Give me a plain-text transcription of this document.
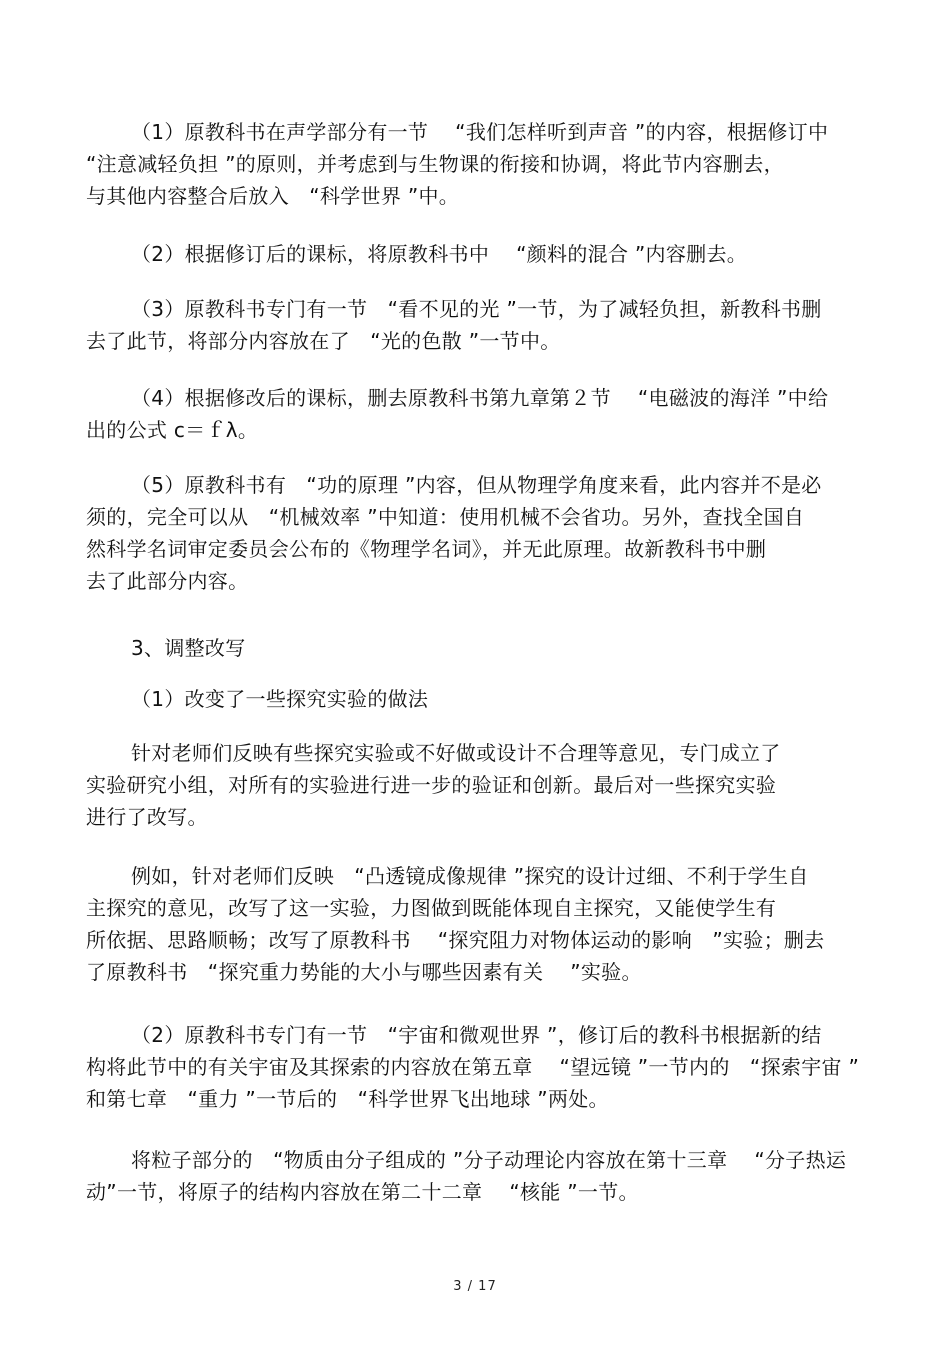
（1）原教科书在声学部分有一节　 “我们怎样听到声音 ”的内容，根据修订中
“注意减轻负担 ”的原则，并考虑到与生物课的衔接和协调，将此节内容删去，
与其他内容整合后放入　“科学世界 ”中。
（2）根据修订后的课标，将原教科书中　 “颜料的混合 ”内容删去。
（3）原教科书专门有一节　“看不见的光 ”一节，为了减轻负担，新教科书删
去了此节，将部分内容放在了　“光的色散 ”一节中。
（4）根据修改后的课标，删去原教科书第九章第２节　 “电磁波的海洋 ”中给
出的公式 c＝ｆλ。
（5）原教科书有　“功的原理 ”内容，但从物理学角度来看，此内容并不是必
须的，完全可以从　“机械效率 ”中知道：使用机械不会省功。另外，查找全国自
然科学名词审定委员会公布的《物理学名词》，并无此原理。故新教科书中删
去了此部分内容。
3、调整改写
（1）改变了一些探究实验的做法
针对老师们反映有些探究实验或不好做或设计不合理等意见，专门成立了
实验研究小组，对所有的实验进行进一步的验证和创新。最后对一些探究实验
进行了改写。
例如，针对老师们反映　“凸透镜成像规律 ”探究的设计过细、不利于学生自
主探究的意见，改写了这一实验，力图做到既能体现自主探究，又能使学生有
所依据、思路顺畅；改写了原教科书　 “探究阻力对物体运动的影响　”实验；删去
了原教科书　“探究重力势能的大小与哪些因素有关　 ”实验。
（2）原教科书专门有一节　“宇宙和微观世界 ”，修订后的教科书根据新的结
构将此节中的有关宇宙及其探索的内容放在第五章　 “望远镜 ”一节内的　“探索宇宙 ”
和第七章　“重力 ”一节后的　“科学世界飞出地球 ”两处。
将粒子部分的　“物质由分子组成的 ”分子动理论内容放在第十三章　 “分子热运
动”一节，将原子的结构内容放在第二十二章　 “核能 ”一节。
3 / 17
